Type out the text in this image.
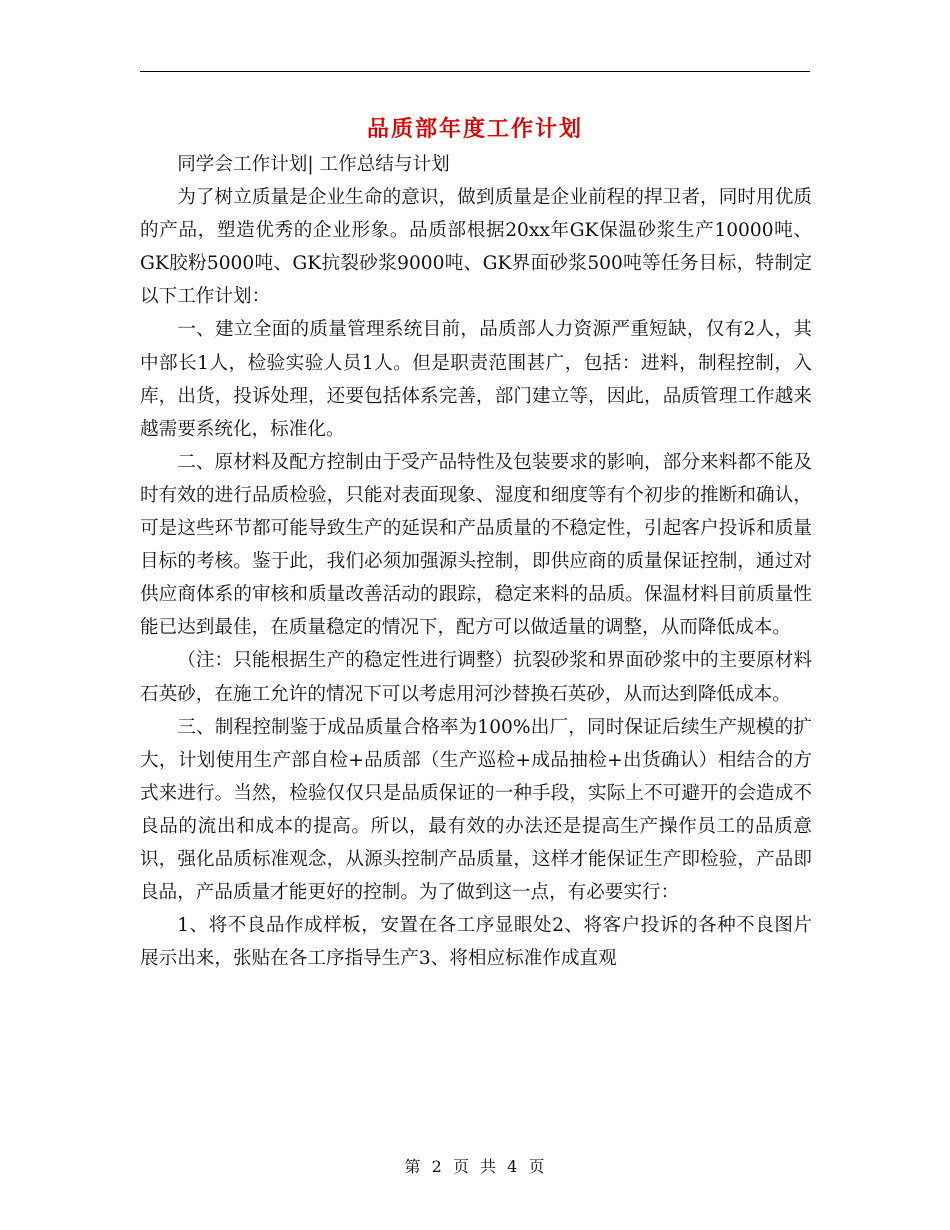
品质部年度工作计划

同学会工作计划| 工作总结与计划

为了树立质量是企业生命的意识，做到质量是企业前程的捍卫者，同时用优质的产品，塑造优秀的企业形象。品质部根据20xx年GK保温砂浆生产10000吨、GK胶粉5000吨、GK抗裂砂浆9000吨、GK界面砂浆500吨等任务目标，特制定以下工作计划：

一、建立全面的质量管理系统目前，品质部人力资源严重短缺，仅有2人，其中部长1人，检验实验人员1人。但是职责范围甚广，包括：进料，制程控制，入库，出货，投诉处理，还要包括体系完善，部门建立等，因此，品质管理工作越来越需要系统化，标准化。

二、原材料及配方控制由于受产品特性及包装要求的影响，部分来料都不能及时有效的进行品质检验，只能对表面现象、湿度和细度等有个初步的推断和确认，可是这些环节都可能导致生产的延误和产品质量的不稳定性，引起客户投诉和质量目标的考核。鉴于此，我们必须加强源头控制，即供应商的质量保证控制，通过对供应商体系的审核和质量改善活动的跟踪，稳定来料的品质。保温材料目前质量性能已达到最佳，在质量稳定的情况下，配方可以做适量的调整，从而降低成本。

（注：只能根据生产的稳定性进行调整）抗裂砂浆和界面砂浆中的主要原材料石英砂，在施工允许的情况下可以考虑用河沙替换石英砂，从而达到降低成本。

三、制程控制鉴于成品质量合格率为100%出厂，同时保证后续生产规模的扩大，计划使用生产部自检+品质部（生产巡检+成品抽检+出货确认）相结合的方式来进行。当然，检验仅仅只是品质保证的一种手段，实际上不可避开的会造成不良品的流出和成本的提高。所以，最有效的办法还是提高生产操作员工的品质意识，强化品质标准观念，从源头控制产品质量，这样才能保证生产即检验，产品即良品，产品质量才能更好的控制。为了做到这一点，有必要实行：

1、将不良品作成样板，安置在各工序显眼处2、将客户投诉的各种不良图片展示出来，张贴在各工序指导生产3、将相应标准作成直观

第 2 页 共 4 页
